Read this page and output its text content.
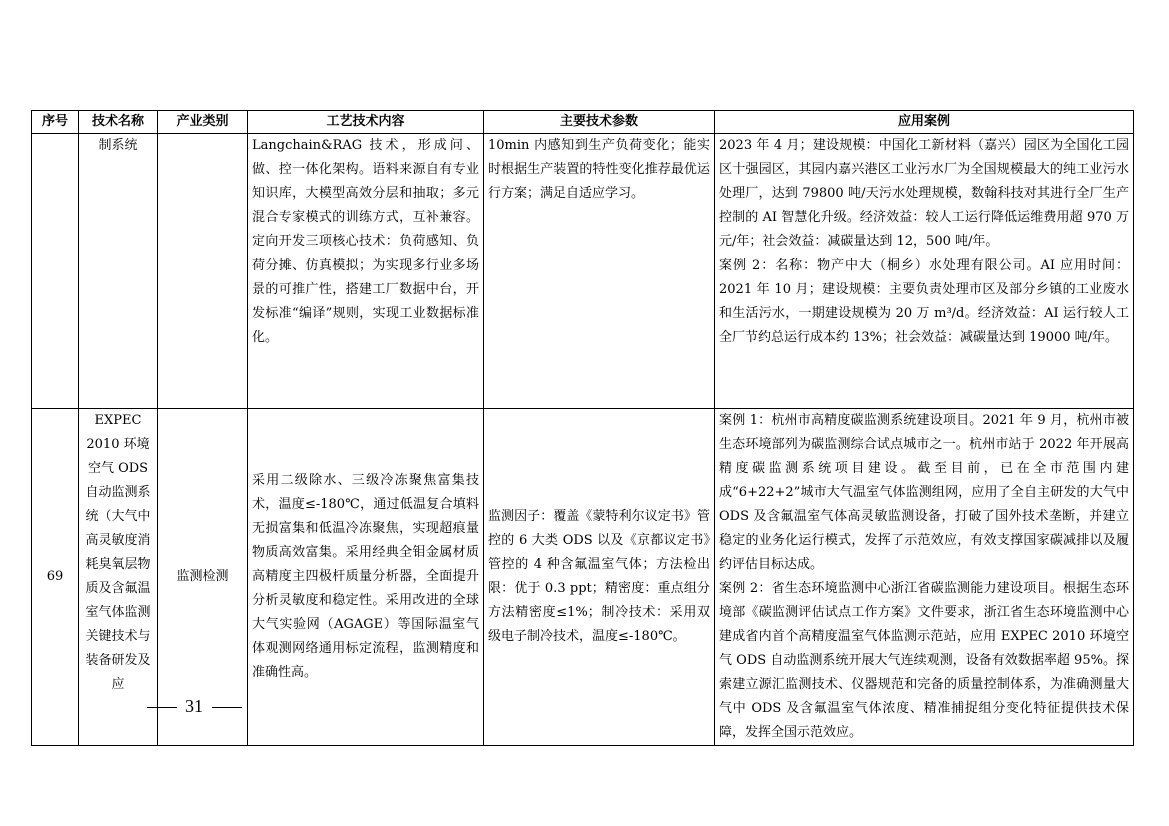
序号	技术名称	产业类别	工艺技术内容	主要技术参数	应用案例
	制系统		Langchain&RAG 技术，形成问、做、控一体化架构。语料来源自有专业知识库，大模型高效分层和抽取；多元混合专家模式的训练方式，互补兼容。定向开发三项核心技术：负荷感知、负荷分摊、仿真模拟；为实现多行业多场景的可推广性，搭建工厂数据中台，开发标准“编译”规则，实现工业数据标准化。	10min 内感知到生产负荷变化；能实时根据生产装置的特性变化推荐最优运行方案；满足自适应学习。	2023 年 4 月；建设规模：中国化工新材料（嘉兴）园区为全国化工园区十强园区，其园内嘉兴港区工业污水厂为全国规模最大的纯工业污水处理厂，达到 79800 吨/天污水处理规模，数翰科技对其进行全厂生产控制的 AI 智慧化升级。经济效益：较人工运行降低运维费用超 970 万元/年；社会效益：减碳量达到 12，500 吨/年。
案例 2：名称：物产中大（桐乡）水处理有限公司。AI 应用时间：2021 年 10 月；建设规模：主要负责处理市区及部分乡镇的工业废水和生活污水，一期建设规模为 20 万 m³/d。经济效益：AI 运行较人工全厂节约总运行成本约 13%；社会效益：减碳量达到 19000 吨/年。

69	EXPEC 2010 环境空气 ODS 自动监测系统（大气中高灵敏度消耗臭氧层物质及含氟温室气体监测关键技术与装备研发及应	监测检测	采用二级除水、三级冷冻聚焦富集技术，温度≤-180℃，通过低温复合填料无损富集和低温冷冻聚焦，实现超痕量物质高效富集。采用经典全钼金属材质高精度主四极杆质量分析器，全面提升分析灵敏度和稳定性。采用改进的全球大气实验网（AGAGE）等国际温室气体观测网络通用标定流程，监测精度和准确性高。	监测因子：覆盖《蒙特利尔议定书》管控的 6 大类 ODS 以及《京都议定书》管控的 4 种含氟温室气体；方法检出限：优于 0.3 ppt；精密度：重点组分方法精密度≤1%；制冷技术：采用双级电子制冷技术，温度≤-180℃。	案例 1：杭州市高精度碳监测系统建设项目。2021 年 9 月，杭州市被生态环境部列为碳监测综合试点城市之一。杭州市站于 2022 年开展高精度碳监测系统项目建设。截至目前，已在全市范围内建成“6+22+2”城市大气温室气体监测组网，应用了全自主研发的大气中 ODS 及含氟温室气体高灵敏监测设备，打破了国外技术垄断，并建立稳定的业务化运行模式，发挥了示范效应，有效支撑国家碳减排以及履约评估目标达成。
案例 2：省生态环境监测中心浙江省碳监测能力建设项目。根据生态环境部《碳监测评估试点工作方案》文件要求，浙江省生态环境监测中心建成省内首个高精度温室气体监测示范站，应用 EXPEC 2010 环境空气 ODS 自动监测系统开展大气连续观测，设备有效数据率超 95%。探索建立源汇监测技术、仪器规范和完备的质量控制体系，为准确测量大气中 ODS 及含氟温室气体浓度、精准捕捉组分变化特征提供技术保障，发挥全国示范效应。
31
